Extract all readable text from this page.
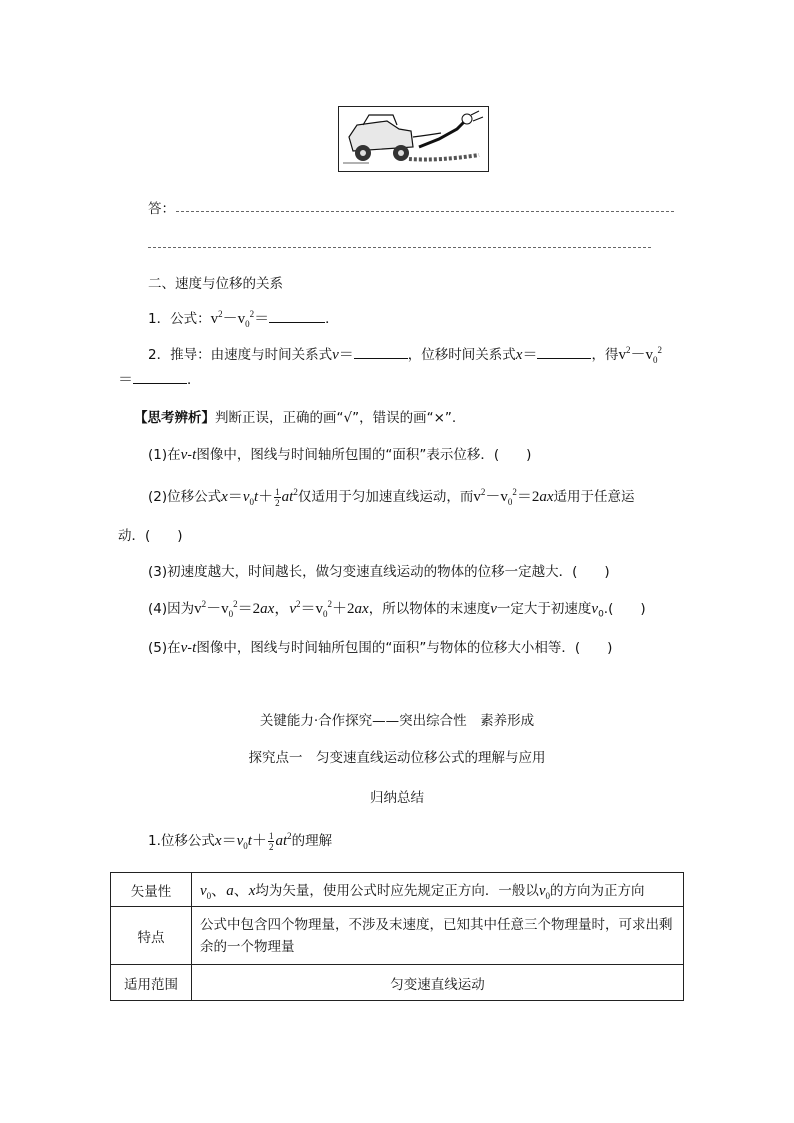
答：
二、速度与位移的关系
1．公式：$v^2-v_0^2=$	．
2．推导：由速度与时间关系式v＝	，位移时间关系式x＝	，得$v^2-v_0^2$
＝	．
【思考辨析】判断正误，正确的画“√”，错误的画“×”.
(1)在v-t图像中，图线与时间轴所包围的“面积”表示位移．(　　)
(2)位移公式$x=v_0t+ \frac{1}{2} at^2$仅适用于匀加速直线运动，而$v^2-v_0^2=2ax$适用于任意运
动．(　　)
(3)初速度越大，时间越长，做匀变速直线运动的物体的位移一定越大．(　　)
(4)因为$v^2-v_0^2=2ax$，$v^2=v_0^2+2ax$，所以物体的末速度v一定大于初速度$v_0$.(　　)
(5)在v-t图像中，图线与时间轴所包围的“面积”与物体的位移大小相等．(　　)
关键能力·合作探究——突出综合性　素养形成
探究点一　匀变速直线运动位移公式的理解与应用
归纳总结
1.位移公式$x=v_0t+ \frac{1}{2} at^2$的理解
矢量性	$v_0$、a、x均为矢量，使用公式时应先规定正方向．一般以$v_0$的方向为正方向
特点	公式中包含四个物理量，不涉及末速度，已知其中任意三个物理量时，可求出剩余的一个物理量
适用范围	匀变速直线运动
